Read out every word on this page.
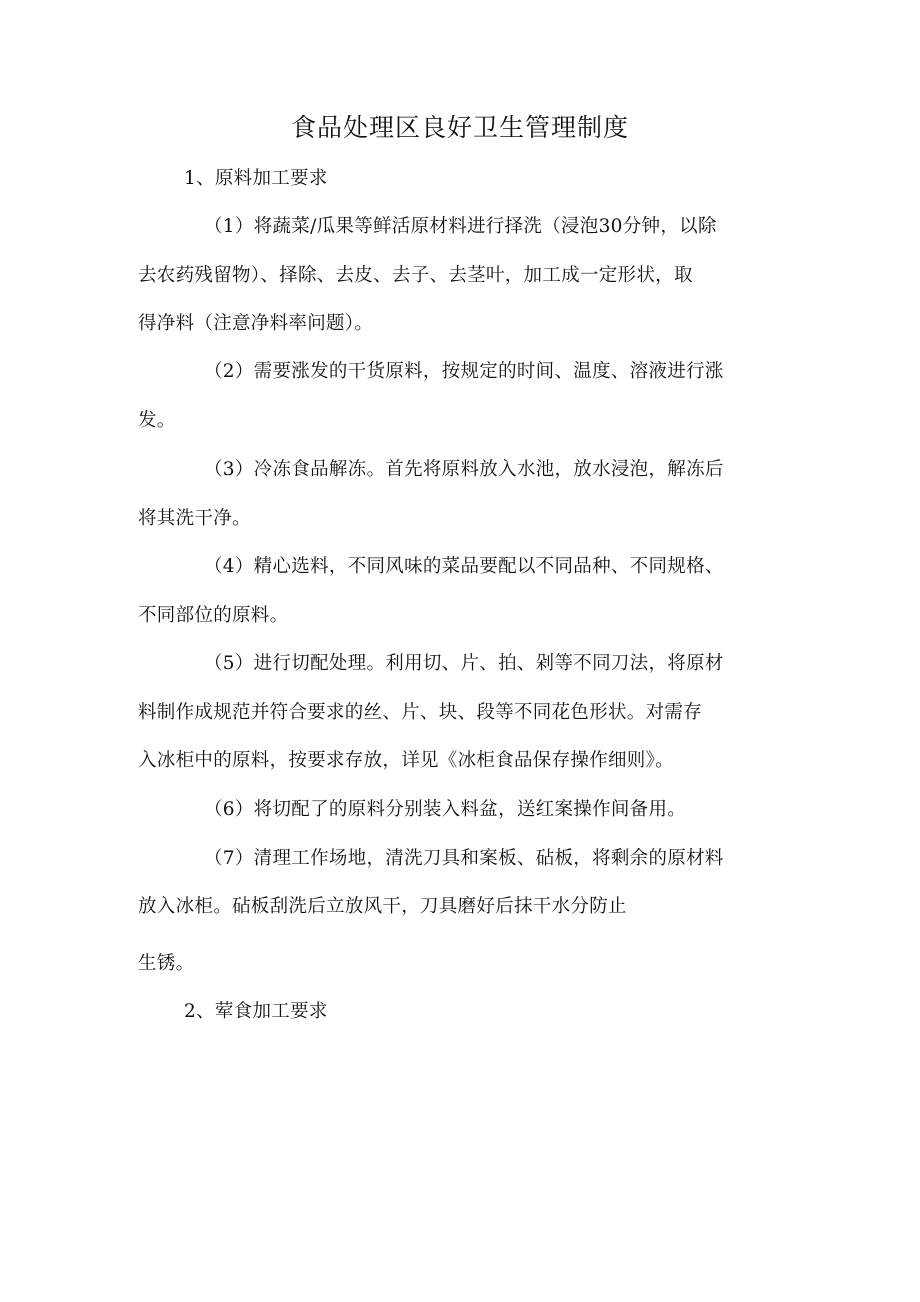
食品处理区良好卫生管理制度
1、原料加工要求
（1）将蔬菜/瓜果等鲜活原材料进行择洗（浸泡30分钟，以除
去农药残留物）、择除、去皮、去子、去茎叶，加工成一定形状，取
得净料（注意净料率问题）。
（2）需要涨发的干货原料，按规定的时间、温度、溶液进行涨
发。
（3）冷冻食品解冻。首先将原料放入水池，放水浸泡，解冻后
将其洗干净。
（4）精心选料，不同风味的菜品要配以不同品种、不同规格、
不同部位的原料。
（5）进行切配处理。利用切、片、拍、剁等不同刀法，将原材
料制作成规范并符合要求的丝、片、块、段等不同花色形状。对需存
入冰柜中的原料，按要求存放，详见《冰柜食品保存操作细则》。
（6）将切配了的原料分别装入料盆，送红案操作间备用。
（7）清理工作场地，清洗刀具和案板、砧板，将剩余的原材料
放入冰柜。砧板刮洗后立放风干，刀具磨好后抹干水分防止
生锈。
2、荤食加工要求
